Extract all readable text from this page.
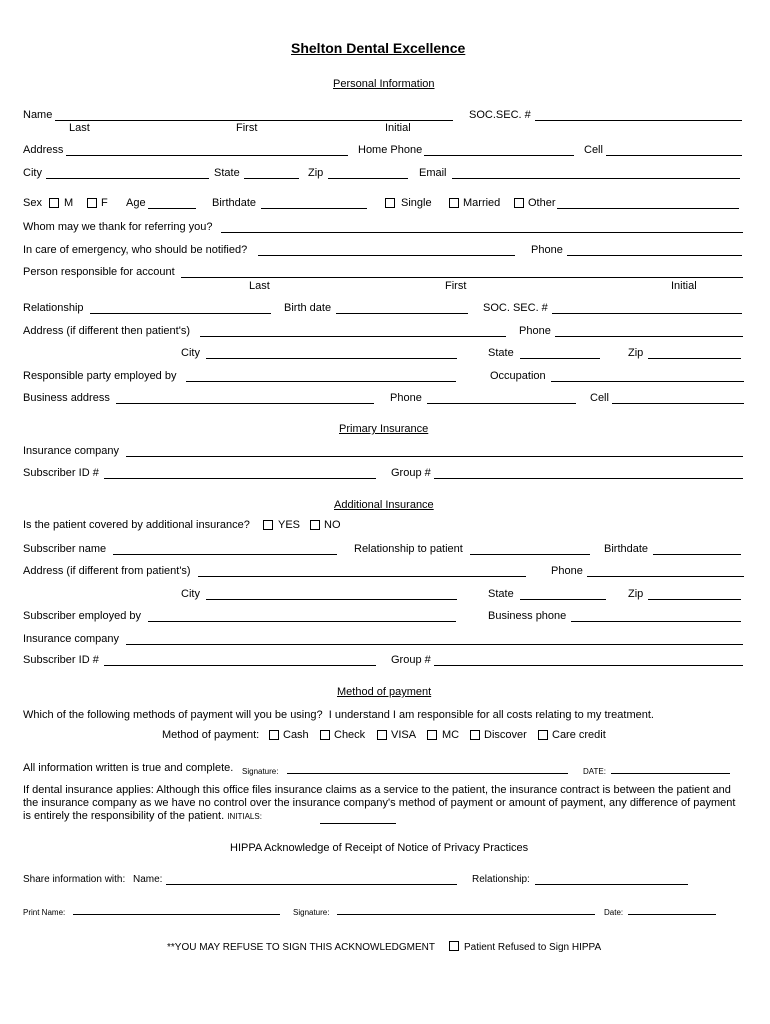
Shelton Dental Excellence
Personal Information
Name	SOC.SEC. #
Last	First	Initial
Address	Home Phone	Cell
City	State	Zip	Email
Sex M	F Age	Birthdate	Single	Married	Other
Whom may we thank for referring you?
In care of emergency, who should be notified?	Phone
Person responsible for account
Last	First	Initial
Relationship	Birth date	SOC. SEC. #
Address (if different then patient's)	Phone
City	State	Zip
Responsible party employed by	Occupation
Business address	Phone	Cell
Primary Insurance
Insurance company
Subscriber ID #	Group #
Additional Insurance
Is the patient covered by additional insurance?	YES NO
Subscriber name	Relationship to patient	Birthdate
Address (if different from patient's)	Phone
City	State	Zip
Subscriber employed by	Business phone
Insurance company
Subscriber ID #	Group #
Method of payment
Which of the following methods of payment will you be using?  I understand I am responsible for all costs relating to my treatment.
Method of payment: Cash Check VISA MC Discover Care credit
All information written is true and complete. Signature:	DATE:
If dental insurance applies: Although this office files insurance claims as a service to the patient, the insurance contract is between the patient and the insurance company as we have no control over the insurance company's method of payment or amount of payment, any difference of payment is entirely the responsibility of the patient. INITIALS:
HIPPA Acknowledge of Receipt of Notice of Privacy Practices
Share information with: Name:	Relationship:
Print Name:	Signature:	Date:
**YOU MAY REFUSE TO SIGN THIS ACKNOWLEDGMENT	Patient Refused to Sign HIPPA
